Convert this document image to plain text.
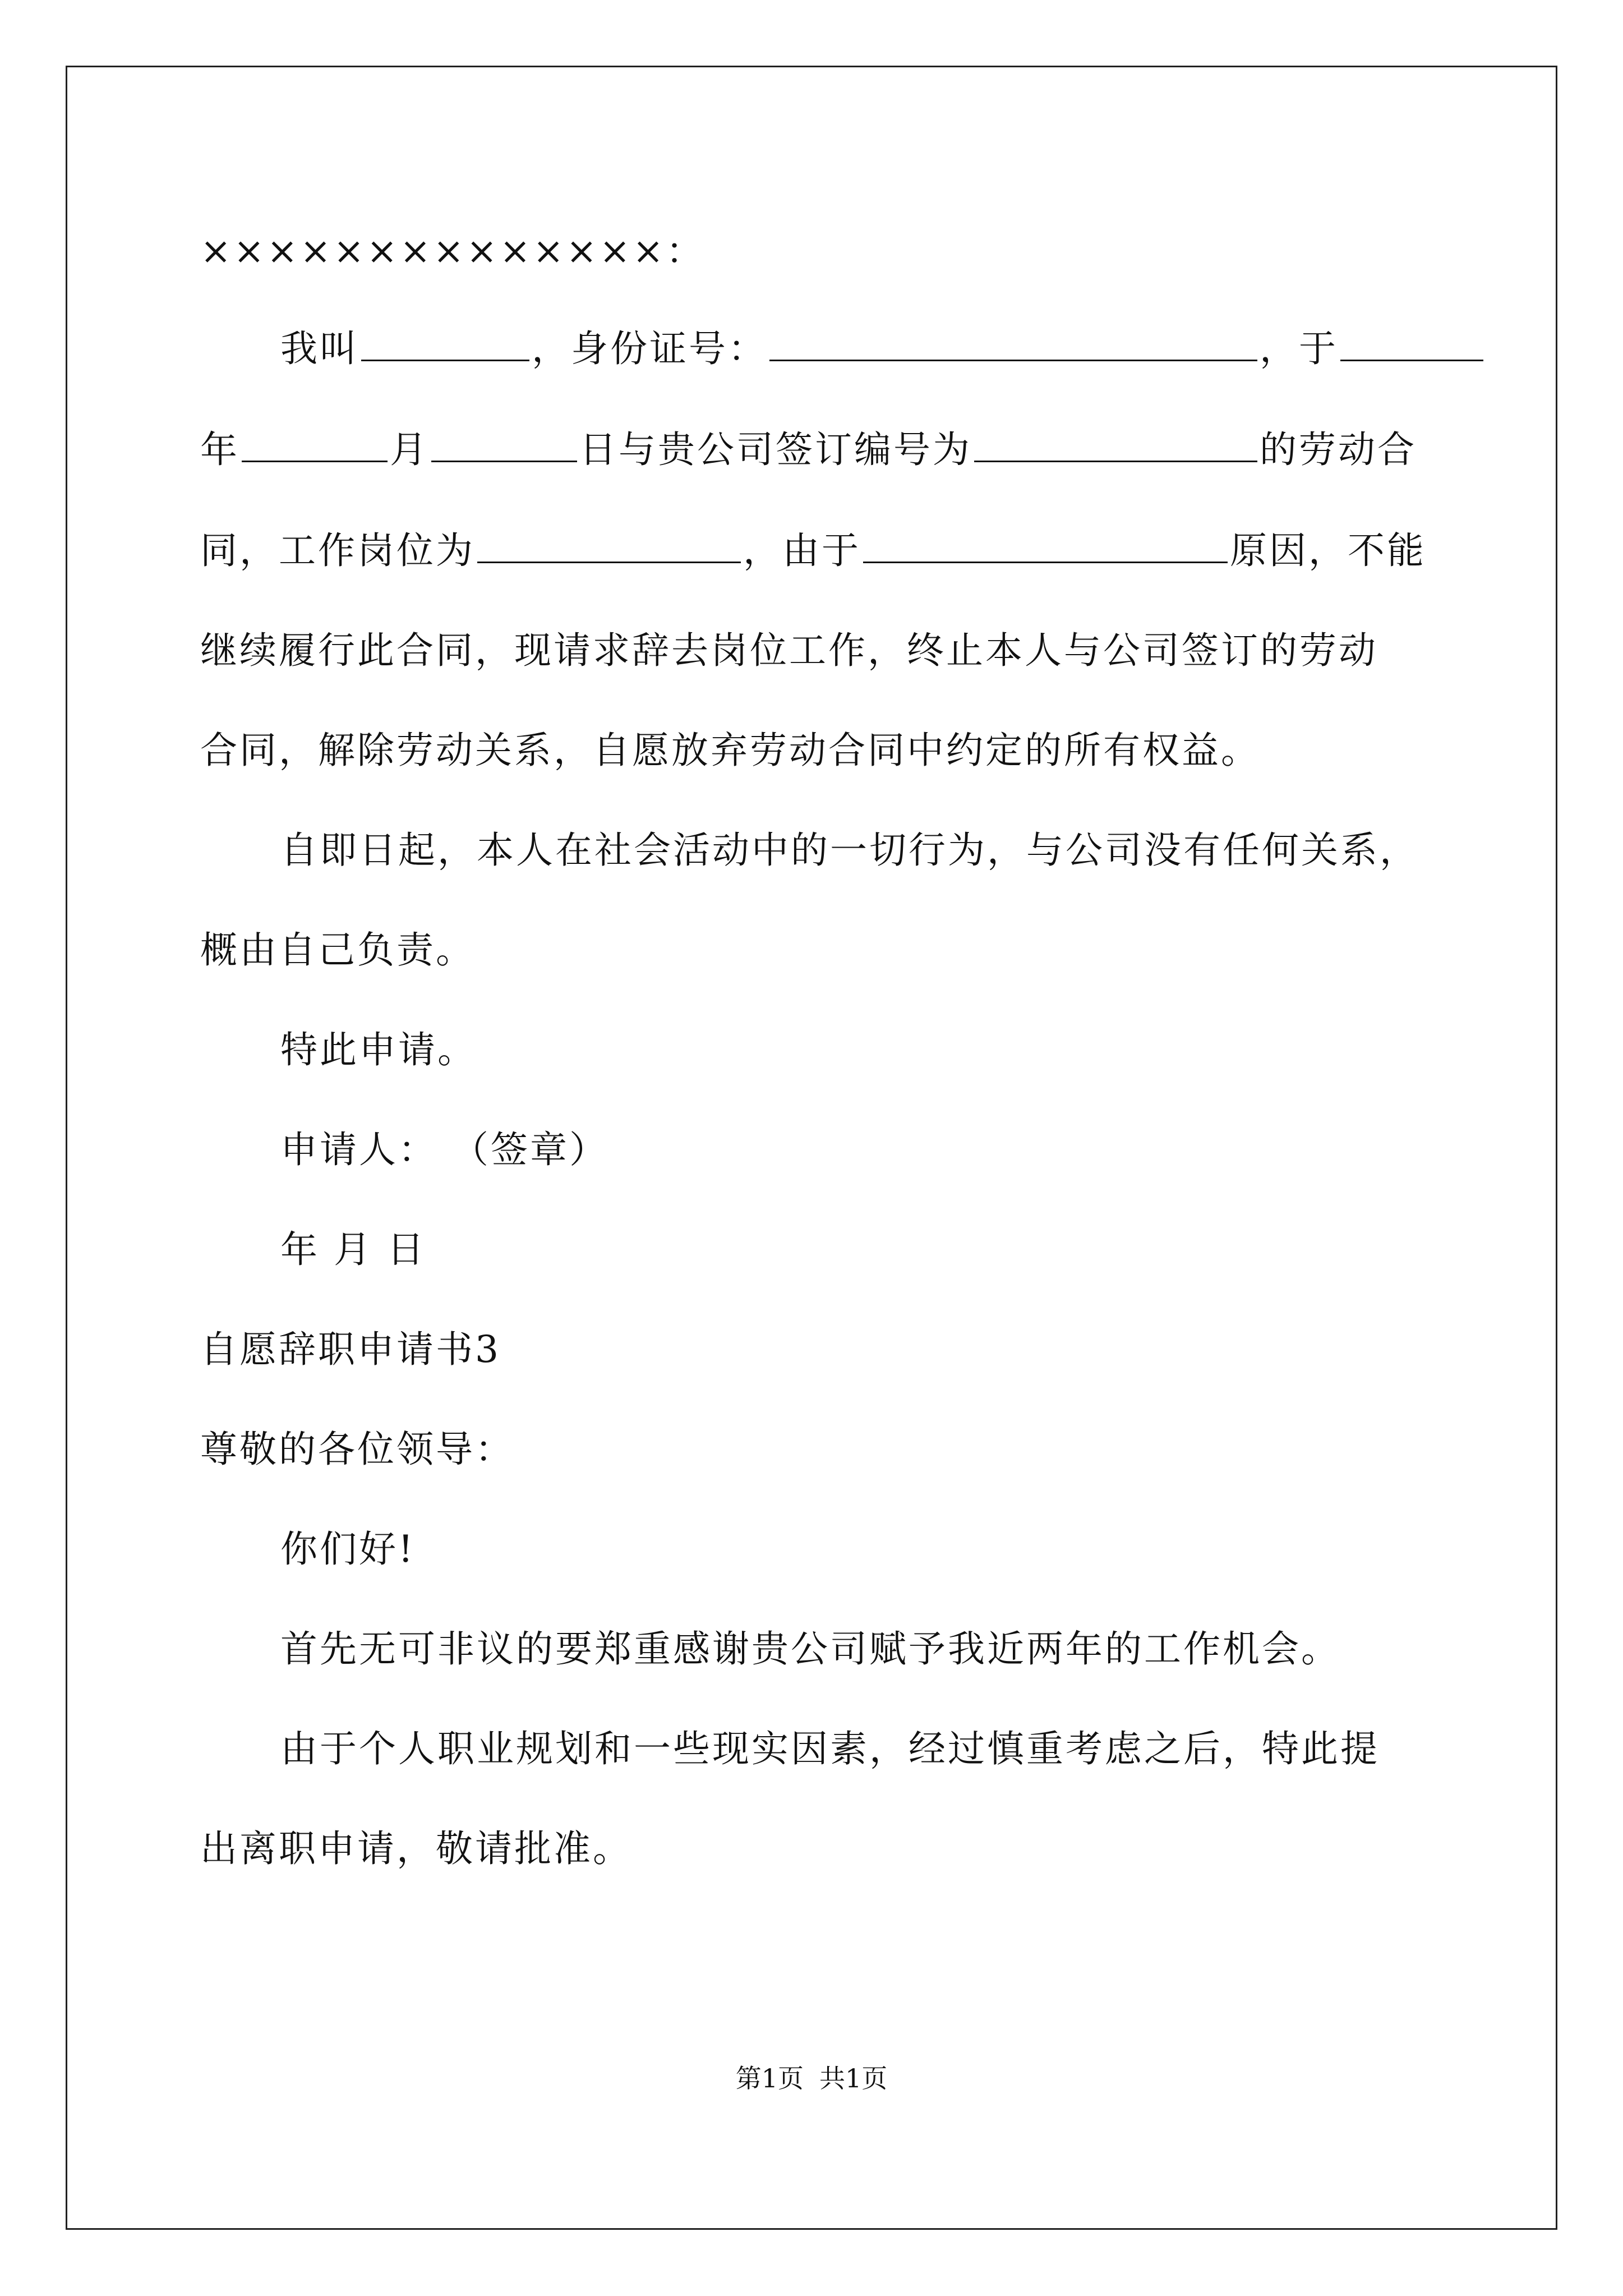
××××××××××××××：
我叫	，身份证号：	，于
年	月	日与贵公司签订编号为	的劳动合
同，工作岗位为	，由于	原因，不能
继续履行此合同，现请求辞去岗位工作，终止本人与公司签订的劳动
合同，解除劳动关系，自愿放弃劳动合同中约定的所有权益。
自即日起，本人在社会活动中的一切行为，与公司没有任何关系，
概由自己负责。
特此申请。
申请人： （签章）
年 月 日
自愿辞职申请书3
尊敬的各位领导：
你们好!
首先无可非议的要郑重感谢贵公司赋予我近两年的工作机会。
由于个人职业规划和一些现实因素，经过慎重考虑之后，特此提
出离职申请，敬请批准。
第1页 共1页
